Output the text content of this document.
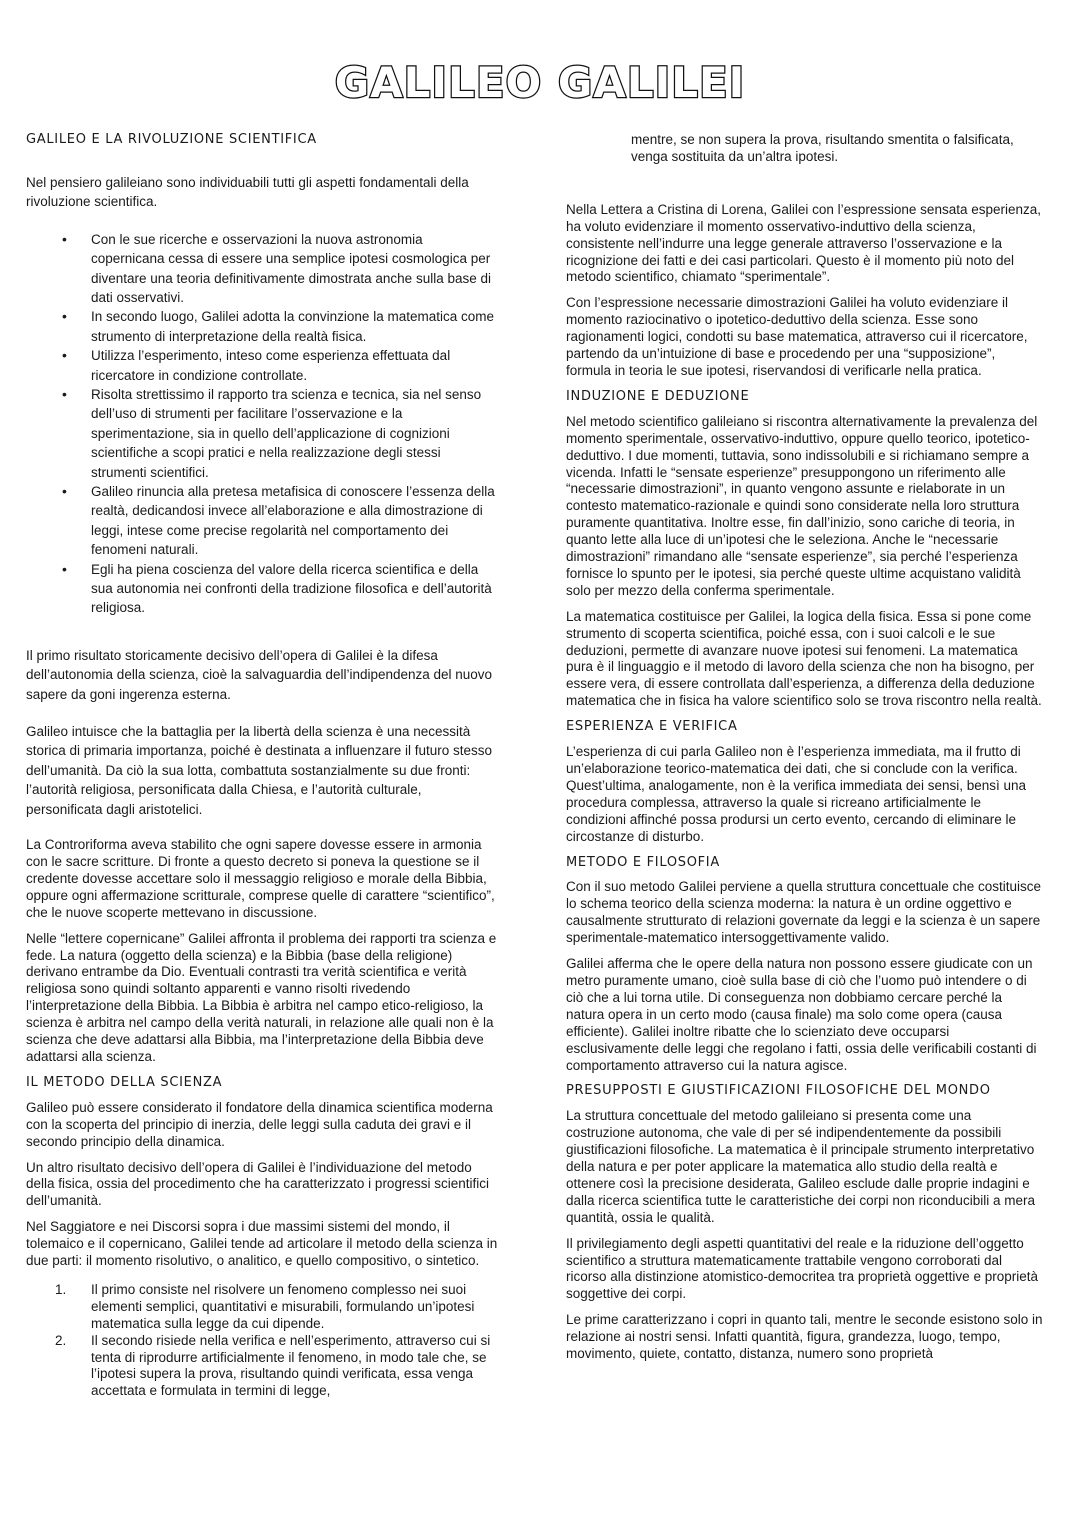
GALILEO GALILEI
GALILEO E LA RIVOLUZIONE SCIENTIFICA

Nel pensiero galileiano sono individuabili tutti gli aspetti fondamentali della rivoluzione scientifica.

• Con le sue ricerche e osservazioni la nuova astronomia copernicana cessa di essere una semplice ipotesi cosmologica per diventare una teoria definitivamente dimostrata anche sulla base di dati osservativi.
• In secondo luogo, Galilei adotta la convinzione la matematica come strumento di interpretazione della realtà fisica.
• Utilizza l’esperimento, inteso come esperienza effettuata dal ricercatore in condizione controllate.
• Risolta strettissimo il rapporto tra scienza e tecnica, sia nel senso dell’uso di strumenti per facilitare l’osservazione e la sperimentazione, sia in quello dell’applicazione di cognizioni scientifiche a scopi pratici e nella realizzazione degli stessi strumenti scientifici.
• Galileo rinuncia alla pretesa metafisica di conoscere l’essenza della realtà, dedicandosi invece all’elaborazione e alla dimostrazione di leggi, intese come precise regolarità nel comportamento dei fenomeni naturali.
• Egli ha piena coscienza del valore della ricerca scientifica e della sua autonomia nei confronti della tradizione filosofica e dell’autorità religiosa.

Il primo risultato storicamente decisivo dell’opera di Galilei è la difesa dell’autonomia della scienza, cioè la salvaguardia dell’indipendenza del nuovo sapere da goni ingerenza esterna.

Galileo intuisce che la battaglia per la libertà della scienza è una necessità storica di primaria importanza, poiché è destinata a influenzare il futuro stesso dell’umanità. Da ciò la sua lotta, combattuta sostanzialmente su due fronti: l’autorità religiosa, personificata dalla Chiesa, e l’autorità culturale, personificata dagli aristotelici.

La Controriforma aveva stabilito che ogni sapere dovesse essere in armonia con le sacre scritture. Di fronte a questo decreto si poneva la questione se il credente dovesse accettare solo il messaggio religioso e morale della Bibbia, oppure ogni affermazione scritturale, comprese quelle di carattere “scientifico”, che le nuove scoperte mettevano in discussione.

Nelle “lettere copernicane” Galilei affronta il problema dei rapporti tra scienza e fede. La natura (oggetto della scienza) e la Bibbia (base della religione) derivano entrambe da Dio. Eventuali contrasti tra verità scientifica e verità religiosa sono quindi soltanto apparenti e vanno risolti rivedendo l’interpretazione della Bibbia. La Bibbia è arbitra nel campo etico-religioso, la scienza è arbitra nel campo della verità naturali, in relazione alle quali non è la scienza che deve adattarsi alla Bibbia, ma l’interpretazione della Bibbia deve adattarsi alla scienza.

IL METODO DELLA SCIENZA

Galileo può essere considerato il fondatore della dinamica scientifica moderna con la scoperta del principio di inerzia, delle leggi sulla caduta dei gravi e il secondo principio della dinamica.

Un altro risultato decisivo dell’opera di Galilei è l’individuazione del metodo della fisica, ossia del procedimento che ha caratterizzato i progressi scientifici dell’umanità.

Nel Saggiatore e nei Discorsi sopra i due massimi sistemi del mondo, il tolemaico e il copernicano, Galilei tende ad articolare il metodo della scienza in due parti: il momento risolutivo, o analitico, e quello compositivo, o sintetico.

1. Il primo consiste nel risolvere un fenomeno complesso nei suoi elementi semplici, quantitativi e misurabili, formulando un’ipotesi matematica sulla legge da cui dipende.
2. Il secondo risiede nella verifica e nell’esperimento, attraverso cui si tenta di riprodurre artificialmente il fenomeno, in modo tale che, se l’ipotesi supera la prova, risultando quindi verificata, essa venga accettata e formulata in termini di legge,

mentre, se non supera la prova, risultando smentita o falsificata, venga sostituita da un’altra ipotesi.

Nella Lettera a Cristina di Lorena, Galilei con l’espressione sensata esperienza, ha voluto evidenziare il momento osservativo-induttivo della scienza, consistente nell’indurre una legge generale attraverso l’osservazione e la ricognizione dei fatti e dei casi particolari. Questo è il momento più noto del metodo scientifico, chiamato “sperimentale”.

Con l’espressione necessarie dimostrazioni Galilei ha voluto evidenziare il momento raziocinativo o ipotetico-deduttivo della scienza. Esse sono ragionamenti logici, condotti su base matematica, attraverso cui il ricercatore, partendo da un’intuizione di base e procedendo per una “supposizione”, formula in teoria le sue ipotesi, riservandosi di verificarle nella pratica.

INDUZIONE E DEDUZIONE

Nel metodo scientifico galileiano si riscontra alternativamente la prevalenza del momento sperimentale, osservativo-induttivo, oppure quello teorico, ipotetico-deduttivo. I due momenti, tuttavia, sono indissolubili e si richiamano sempre a vicenda. Infatti le “sensate esperienze” presuppongono un riferimento alle “necessarie dimostrazioni”, in quanto vengono assunte e rielaborate in un contesto matematico-razionale e quindi sono considerate nella loro struttura puramente quantitativa. Inoltre esse, fin dall’inizio, sono cariche di teoria, in quanto lette alla luce di un’ipotesi che le seleziona. Anche le “necessarie dimostrazioni” rimandano alle “sensate esperienze”, sia perché l’esperienza fornisce lo spunto per le ipotesi, sia perché queste ultime acquistano validità solo per mezzo della conferma sperimentale.

La matematica costituisce per Galilei, la logica della fisica. Essa si pone come strumento di scoperta scientifica, poiché essa, con i suoi calcoli e le sue deduzioni, permette di avanzare nuove ipotesi sui fenomeni. La matematica pura è il linguaggio e il metodo di lavoro della scienza che non ha bisogno, per essere vera, di essere controllata dall’esperienza, a differenza della deduzione matematica che in fisica ha valore scientifico solo se trova riscontro nella realtà.

ESPERIENZA E VERIFICA

L’esperienza di cui parla Galileo non è l’esperienza immediata, ma il frutto di un’elaborazione teorico-matematica dei dati, che si conclude con la verifica. Quest’ultima, analogamente, non è la verifica immediata dei sensi, bensì una procedura complessa, attraverso la quale si ricreano artificialmente le condizioni affinché possa prodursi un certo evento, cercando di eliminare le circostanze di disturbo.

METODO E FILOSOFIA

Con il suo metodo Galilei perviene a quella struttura concettuale che costituisce lo schema teorico della scienza moderna: la natura è un ordine oggettivo e causalmente strutturato di relazioni governate da leggi e la scienza è un sapere sperimentale-matematico intersoggettivamente valido.

Galilei afferma che le opere della natura non possono essere giudicate con un metro puramente umano, cioè sulla base di ciò che l’uomo può intendere o di ciò che a lui torna utile. Di conseguenza non dobbiamo cercare perché la natura opera in un certo modo (causa finale) ma solo come opera (causa efficiente). Galilei inoltre ribatte che lo scienziato deve occuparsi esclusivamente delle leggi che regolano i fatti, ossia delle verificabili costanti di comportamento attraverso cui la natura agisce.

PRESUPPOSTI E GIUSTIFICAZIONI FILOSOFICHE DEL MONDO

La struttura concettuale del metodo galileiano si presenta come una costruzione autonoma, che vale di per sé indipendentemente da possibili giustificazioni filosofiche. La matematica è il principale strumento interpretativo della natura e per poter applicare la matematica allo studio della realtà e ottenere così la precisione desiderata, Galileo esclude dalle proprie indagini e dalla ricerca scientifica tutte le caratteristiche dei corpi non riconducibili a mera quantità, ossia le qualità.

Il privilegiamento degli aspetti quantitativi del reale e la riduzione dell’oggetto scientifico a struttura matematicamente trattabile vengono corroborati dal ricorso alla distinzione atomistico-democritea tra proprietà oggettive e proprietà soggettive dei corpi.

Le prime caratterizzano i copri in quanto tali, mentre le seconde esistono solo in relazione ai nostri sensi. Infatti quantità, figura, grandezza, luogo, tempo, movimento, quiete, contatto, distanza, numero sono proprietà
